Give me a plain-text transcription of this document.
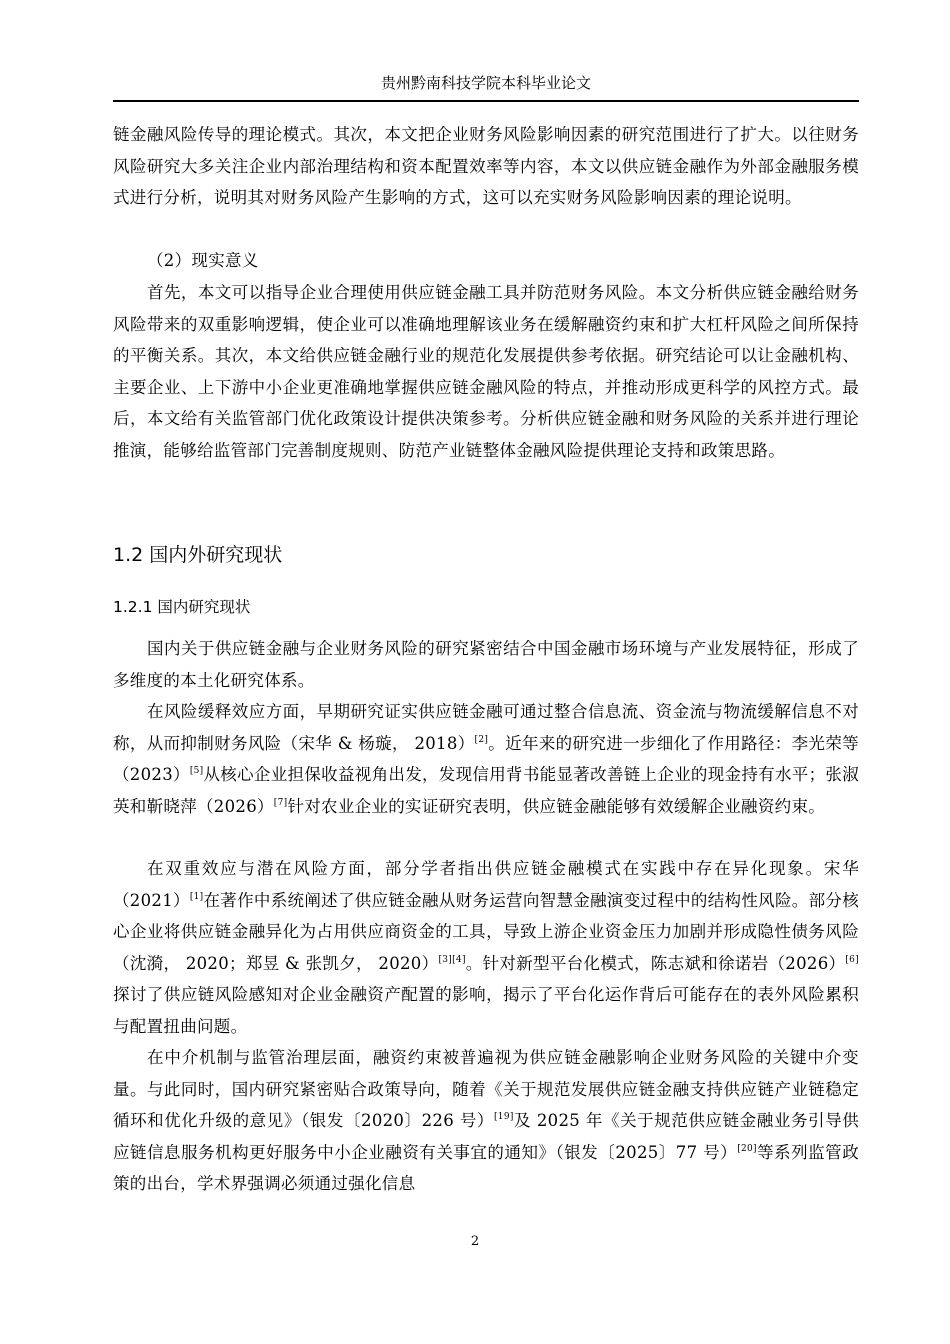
贵州黔南科技学院本科毕业论文

链金融风险传导的理论模式。其次，本文把企业财务风险影响因素的研究范围进行了扩大。以往财务风险研究大多关注企业内部治理结构和资本配置效率等内容，本文以供应链金融作为外部金融服务模式进行分析，说明其对财务风险产生影响的方式，这可以充实财务风险影响因素的理论说明。

（2）现实意义

首先，本文可以指导企业合理使用供应链金融工具并防范财务风险。本文分析供应链金融给财务风险带来的双重影响逻辑，使企业可以准确地理解该业务在缓解融资约束和扩大杠杆风险之间所保持的平衡关系。其次，本文给供应链金融行业的规范化发展提供参考依据。研究结论可以让金融机构、主要企业、上下游中小企业更准确地掌握供应链金融风险的特点，并推动形成更科学的风控方式。最后，本文给有关监管部门优化政策设计提供决策参考。分析供应链金融和财务风险的关系并进行理论推演，能够给监管部门完善制度规则、防范产业链整体金融风险提供理论支持和政策思路。

1.2 国内外研究现状
1.2.1 国内研究现状

国内关于供应链金融与企业财务风险的研究紧密结合中国金融市场环境与产业发展特征，形成了多维度的本土化研究体系。

在风险缓释效应方面，早期研究证实供应链金融可通过整合信息流、资金流与物流缓解信息不对称，从而抑制财务风险（宋华 & 杨璇， 2018）[2]。近年来的研究进一步细化了作用路径：李光荣等（2023）[5]从核心企业担保收益视角出发，发现信用背书能显著改善链上企业的现金持有水平；张淑英和靳晓萍（2026）[7]针对农业企业的实证研究表明，供应链金融能够有效缓解企业融资约束。

在双重效应与潜在风险方面，部分学者指出供应链金融模式在实践中存在异化现象。宋华（2021）[1]在著作中系统阐述了供应链金融从财务运营向智慧金融演变过程中的结构性风险。部分核心企业将供应链金融异化为占用供应商资金的工具，导致上游企业资金压力加剧并形成隐性债务风险（沈漪， 2020；郑昱 & 张凯夕， 2020）[3][4]。针对新型平台化模式，陈志斌和徐诺岩（2026）[6]探讨了供应链风险感知对企业金融资产配置的影响，揭示了平台化运作背后可能存在的表外风险累积与配置扭曲问题。

在中介机制与监管治理层面，融资约束被普遍视为供应链金融影响企业财务风险的关键中介变量。与此同时，国内研究紧密贴合政策导向，随着《关于规范发展供应链金融支持供应链产业链稳定循环和优化升级的意见》（银发〔2020〕226 号）[19]及 2025 年《关于规范供应链金融业务引导供应链信息服务机构更好服务中小企业融资有关事宜的通知》（银发〔2025〕77 号）[20]等系列监管政策的出台，学术界强调必须通过强化信息

2
